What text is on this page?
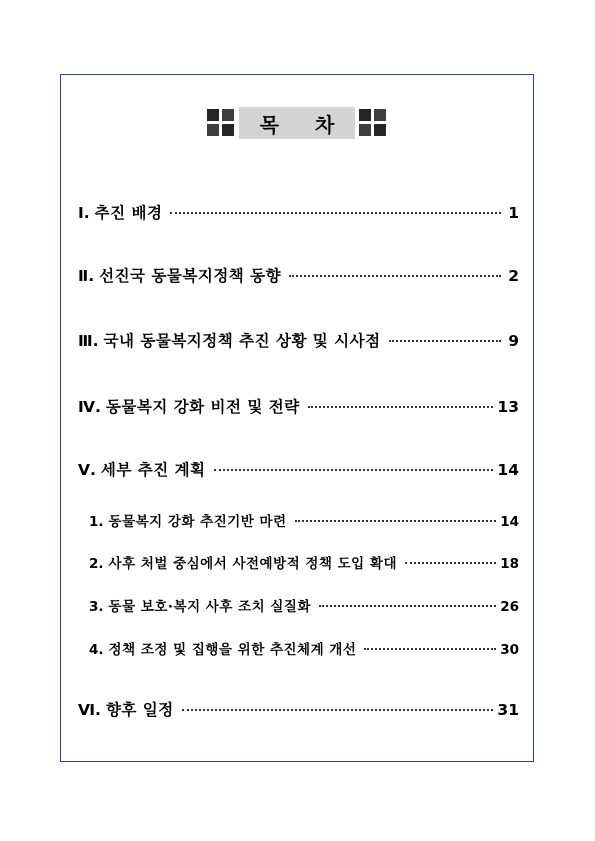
목 차
Ⅰ. 추진 배경	1
Ⅱ. 선진국 동물복지정책 동향	2
Ⅲ. 국내 동물복지정책 추진 상황 및 시사점	9
Ⅳ. 동물복지 강화 비전 및 전략	13
Ⅴ. 세부 추진 계획	14
1. 동물복지 강화 추진기반 마련	14
2. 사후 처벌 중심에서 사전예방적 정책 도입 확대	18
3. 동물 보호·복지 사후 조치 실질화	26
4. 정책 조정 및 집행을 위한 추진체계 개선	30
Ⅵ. 향후 일정	31
